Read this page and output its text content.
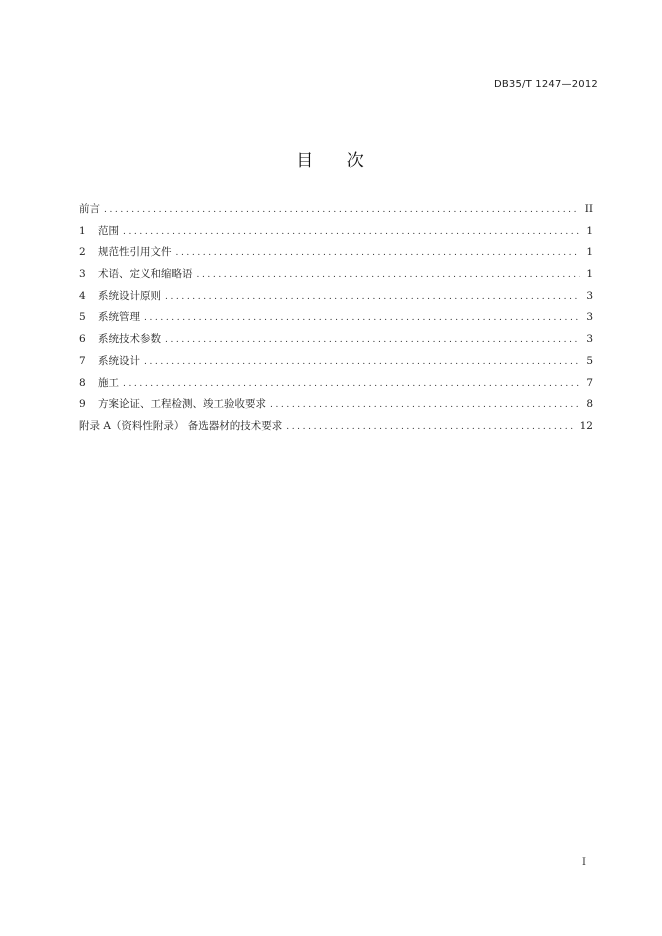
DB35/T 1247—2012
目 次
前言 .....	II
1	范围 .....	1
2	规范性引用文件 .....	1
3	术语、定义和缩略语 .....	1
4	系统设计原则 .....	3
5	系统管理 .....	3
6	系统技术参数 .....	3
7	系统设计 .....	5
8	施工 .....	7
9	方案论证、工程检测、竣工验收要求 .....	8
附录 A（资料性附录） 备选器材的技术要求 .....	12
I
